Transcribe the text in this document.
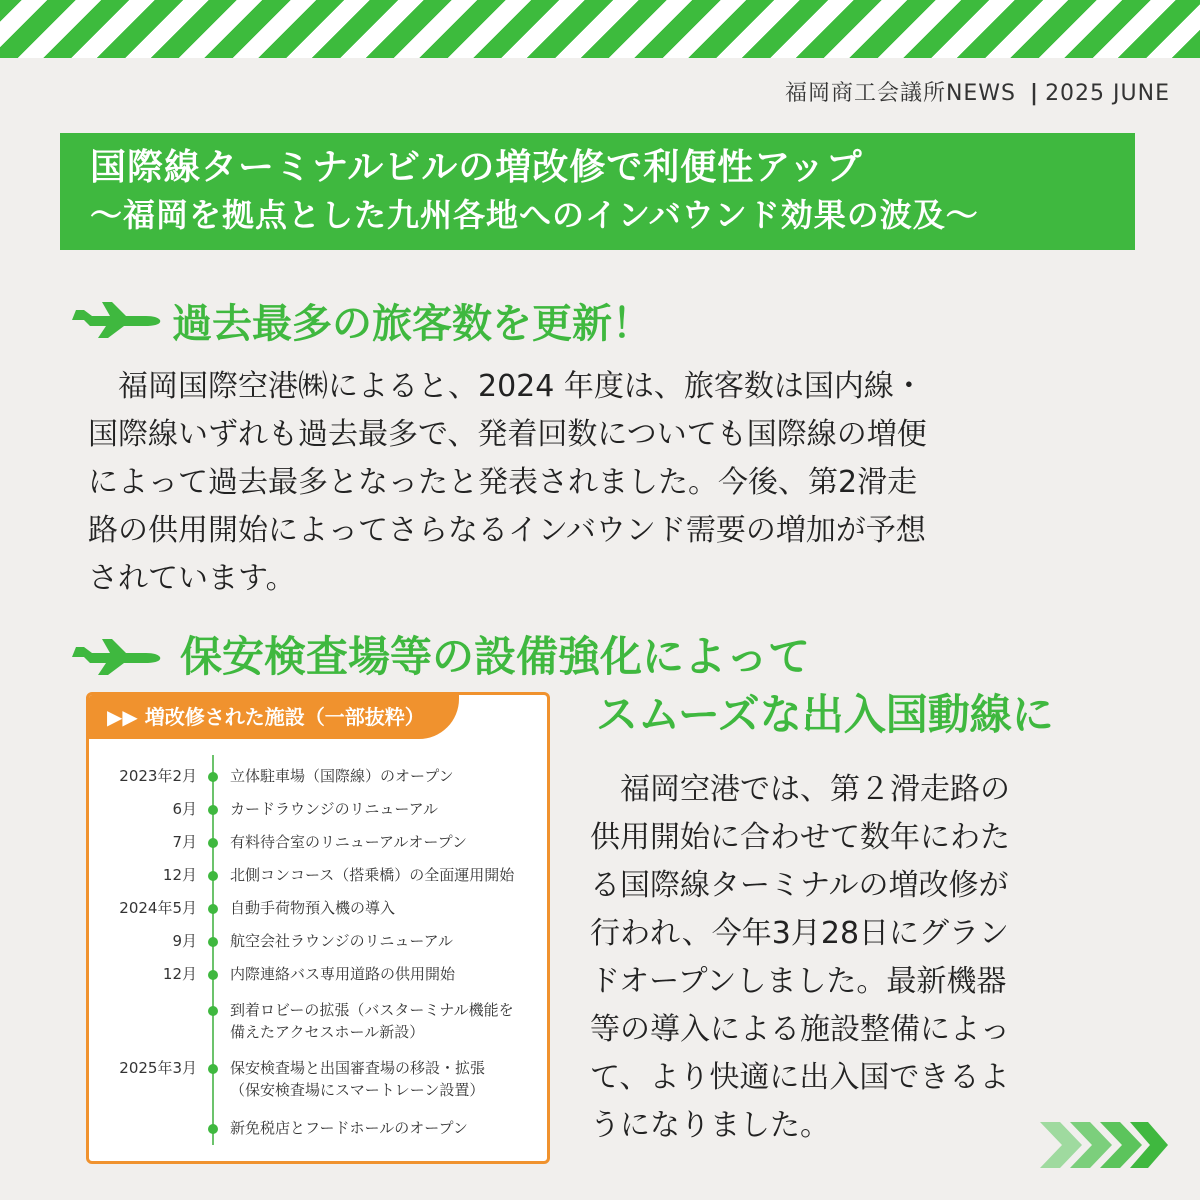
福岡商工会議所NEWS | 2025 JUNE
国際線ターミナルビルの増改修で利便性アップ
～福岡を拠点とした九州各地へのインバウンド効果の波及～
過去最多の旅客数を更新！

　福岡国際空港㈱によると、2024 年度は、旅客数は国内線・

国際線いずれも過去最多で、発着回数についても国際線の増便

によって過去最多となったと発表されました。今後、第2滑走

路の供用開始によってさらなるインバウンド需要の増加が予想

されています。

保安検査場等の設備強化によって
スムーズな出入国動線に
▶▶ 増改修された施設（一部抜粋）
2023年2月 立体駐車場（国際線）のオープン
6月 カードラウンジのリニューアル
7月 有料待合室のリニューアルオープン
12月 北側コンコース（搭乗橋）の全面運用開始
2024年5月 自動手荷物預入機の導入
9月 航空会社ラウンジのリニューアル
12月 内際連絡バス専用道路の供用開始
到着ロビーの拡張（バスターミナル機能を
備えたアクセスホール新設）
2025年3月 保安検査場と出国審査場の移設・拡張
（保安検査場にスマートレーン設置）
新免税店とフードホールのオープン

　福岡空港では、第２滑走路の

供用開始に合わせて数年にわた

る国際線ターミナルの増改修が

行われ、今年3月28日にグラン

ドオープンしました。最新機器

等の導入による施設整備によっ

て、より快適に出入国できるよ

うになりました。
